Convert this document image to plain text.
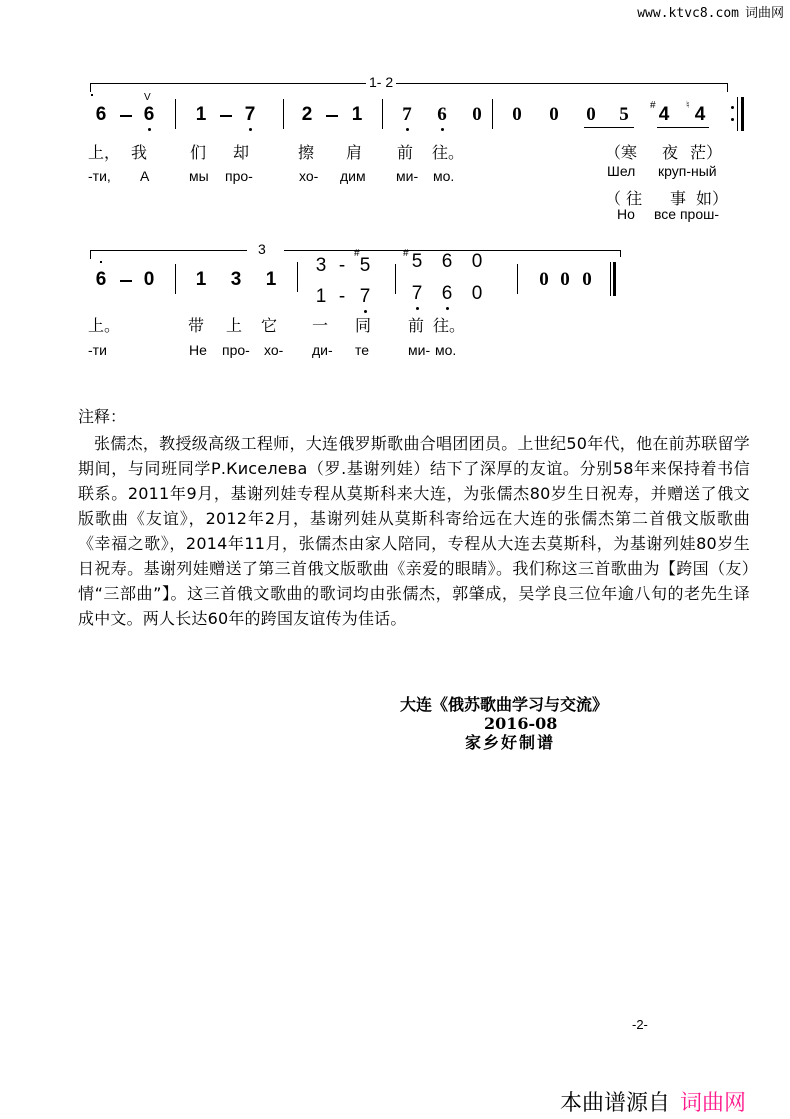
www.ktvc8.com 词曲网
1- 2
6
V
6 1 7 2 1 7 6 0 0 0 0 5	# 4	♮ 4
上， 我	们 却	擦 肩 前 往。
-ти, А	мы про-	хо- дим ми- мо.
（寒 夜 茫）
Шел круп-ный
（ 往 事 如）
Но все прош-
3
6 0 1 3 1
3 -
#
5
1 - 7
# 5 6 0
7 6 0
0 0 0
上。	带 上 它 一 同 前 往。
-ти	Не про- хо- ди- те	ми- мо.
注释：
张儒杰，教授级高级工程师，大连俄罗斯歌曲合唱团团员。上世纪50年代，他在前苏联留学期间，与同班同学Р.Киселева（罗.基谢列娃）结下了深厚的友谊。分别58年来保持着书信联系。2011年9月，基谢列娃专程从莫斯科来大连，为张儒杰80岁生日祝寿，并赠送了俄文版歌曲《友谊》，2012年2月，基谢列娃从莫斯科寄给远在大连的张儒杰第二首俄文版歌曲《幸福之歌》，2014年11月，张儒杰由家人陪同，专程从大连去莫斯科，为基谢列娃80岁生日祝寿。基谢列娃赠送了第三首俄文版歌曲《亲爱的眼睛》。我们称这三首歌曲为【跨国（友）情“三部曲”】。这三首俄文歌曲的歌词均由张儒杰，郭肇成，吴学良三位年逾八旬的老先生译成中文。两人长达60年的跨国友谊传为佳话。
大连《俄苏歌曲学习与交流》
2016-08
家乡好制谱
-2-
本曲谱源自 词曲网
